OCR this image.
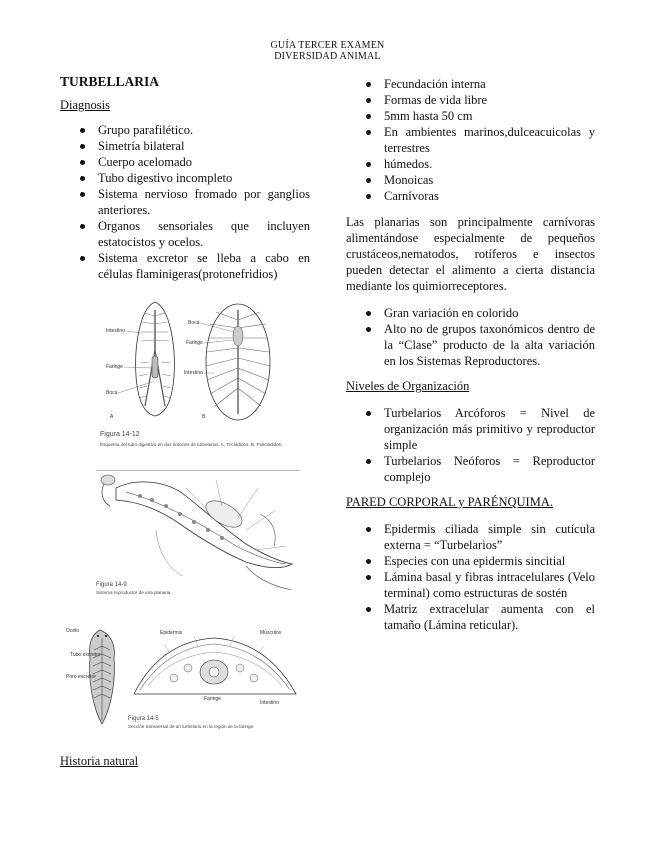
GUÍA TERCER EXAMEN
DIVERSIDAD ANIMAL
TURBELLARIA
Diagnosis
Grupo parafilético.
Simetría bilateral
Cuerpo acelomado
Tubo digestivo incompleto
Sistema nervioso fromado por ganglios anteriores.
Organos sensoriales que incluyen estatocistos y ocelos.
Sistema excretor se lleba a cabo en células flaminigeras(protonefridios)
Intestino
Faringe
Boca
A
Boca
Faringe
Intestino
B
Figura 14-12
Esquema del tubo digestivo en dos órdenes de turbelarios. A, Tricládidos. B, Policládidos.
Figura 14-9
Sistema reproductor de una planaria.
Ocelo
Tubo excretor
Poro excretor
Faringe
Epidermis	Músculos
Intestino
Figura 14-5
Sección transversal de un turbelario en la región de la faringe.
Historia natural
Fecundación interna
Formas de vida libre
5mm hasta 50 cm
En ambientes marinos,dulceacuicolas y terrestres
húmedos.
Monoicas
Carnívoras

Las planarias son principalmente carnívoras alimentándose especialmente de pequeños crustáceos,nematodos, rotíferos e insectos pueden detectar el alimento a cierta distancia mediante los quimiorreceptores.

Gran variación en colorido
Alto no de grupos taxonómicos dentro de la “Clase” producto de la alta variación en los Sistemas Reproductores.
Niveles de Organización
Turbelarios Arcóforos = Nivel de organización más primitivo y reproductor simple
Turbelarios Neóforos = Reproductor complejo
PARED CORPORAL y PARÉNQUIMA.
Epidermis ciliada simple sin cutícula externa = “Turbelarios”
Especies con una epidermis sincitial
Lámina basal y fibras intracelulares (Velo terminal) como estructuras de sostén
Matriz extracelular aumenta con el tamaño (Lámina reticular).
